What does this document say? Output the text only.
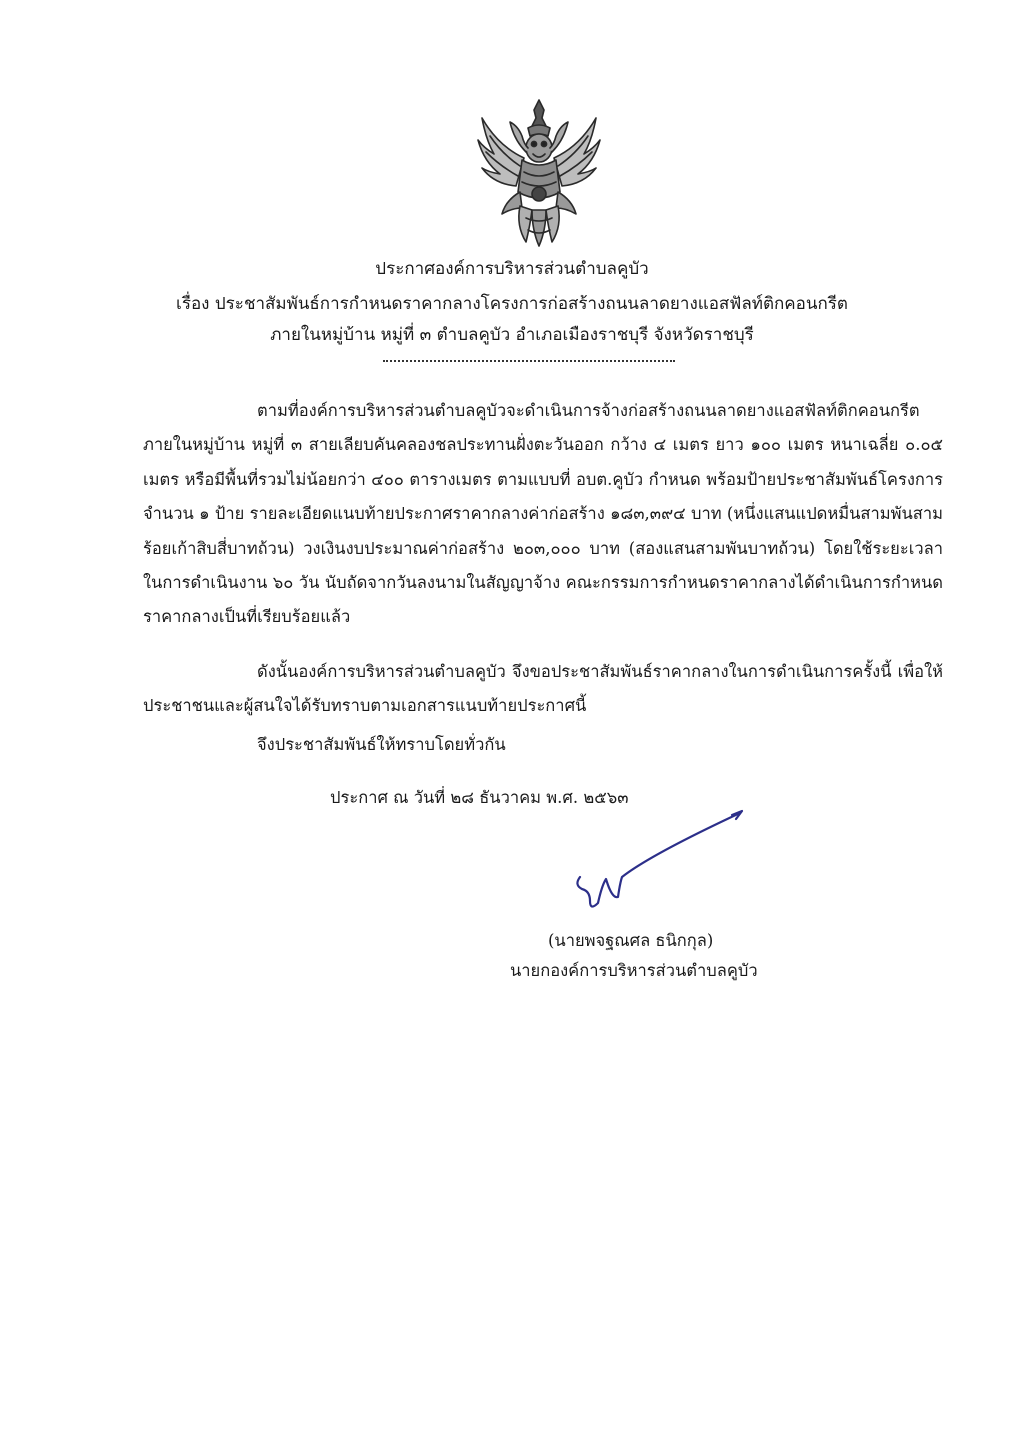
ประกาศองค์การบริหารส่วนตำบลคูบัว
เรื่อง ประชาสัมพันธ์การกำหนดราคากลางโครงการก่อสร้างถนนลาดยางแอสฟัลท์ติกคอนกรีต
ภายในหมู่บ้าน หมู่ที่ ๓ ตำบลคูบัว อำเภอเมืองราชบุรี จังหวัดราชบุรี

ตามที่องค์การบริหารส่วนตำบลคูบัวจะดำเนินการจ้างก่อสร้างถนนลาดยางแอสฟัลท์ติกคอนกรีต ภายในหมู่บ้าน หมู่ที่ ๓ สายเลียบคันคลองชลประทานฝั่งตะวันออก กว้าง ๔ เมตร ยาว ๑๐๐ เมตร หนาเฉลี่ย ๐.๐๕ เมตร หรือมีพื้นที่รวมไม่น้อยกว่า ๔๐๐ ตารางเมตร ตามแบบที่ อบต.คูบัว กำหนด พร้อมป้ายประชาสัมพันธ์โครงการจำนวน ๑ ป้าย รายละเอียดแนบท้ายประกาศราคากลางค่าก่อสร้าง ๑๘๓,๓๙๔ บาท (หนึ่งแสนแปดหมื่นสามพันสามร้อยเก้าสิบสี่บาทถ้วน) วงเงินงบประมาณค่าก่อสร้าง ๒๐๓,๐๐๐ บาท (สองแสนสามพันบาทถ้วน) โดยใช้ระยะเวลาในการดำเนินงาน ๖๐ วัน นับถัดจากวันลงนามในสัญญาจ้าง คณะกรรมการกำหนดราคากลางได้ดำเนินการกำหนดราคากลางเป็นที่เรียบร้อยแล้ว

ดังนั้นองค์การบริหารส่วนตำบลคูบัว จึงขอประชาสัมพันธ์ราคากลางในการดำเนินการครั้งนี้ เพื่อให้ประชาชนและผู้สนใจได้รับทราบตามเอกสารแนบท้ายประกาศนี้

จึงประชาสัมพันธ์ให้ทราบโดยทั่วกัน

ประกาศ ณ วันที่ ๒๘ ธันวาคม พ.ศ. ๒๕๖๓
(นายพจฐณศล ธนิกกุล)
นายกองค์การบริหารส่วนตำบลคูบัว
